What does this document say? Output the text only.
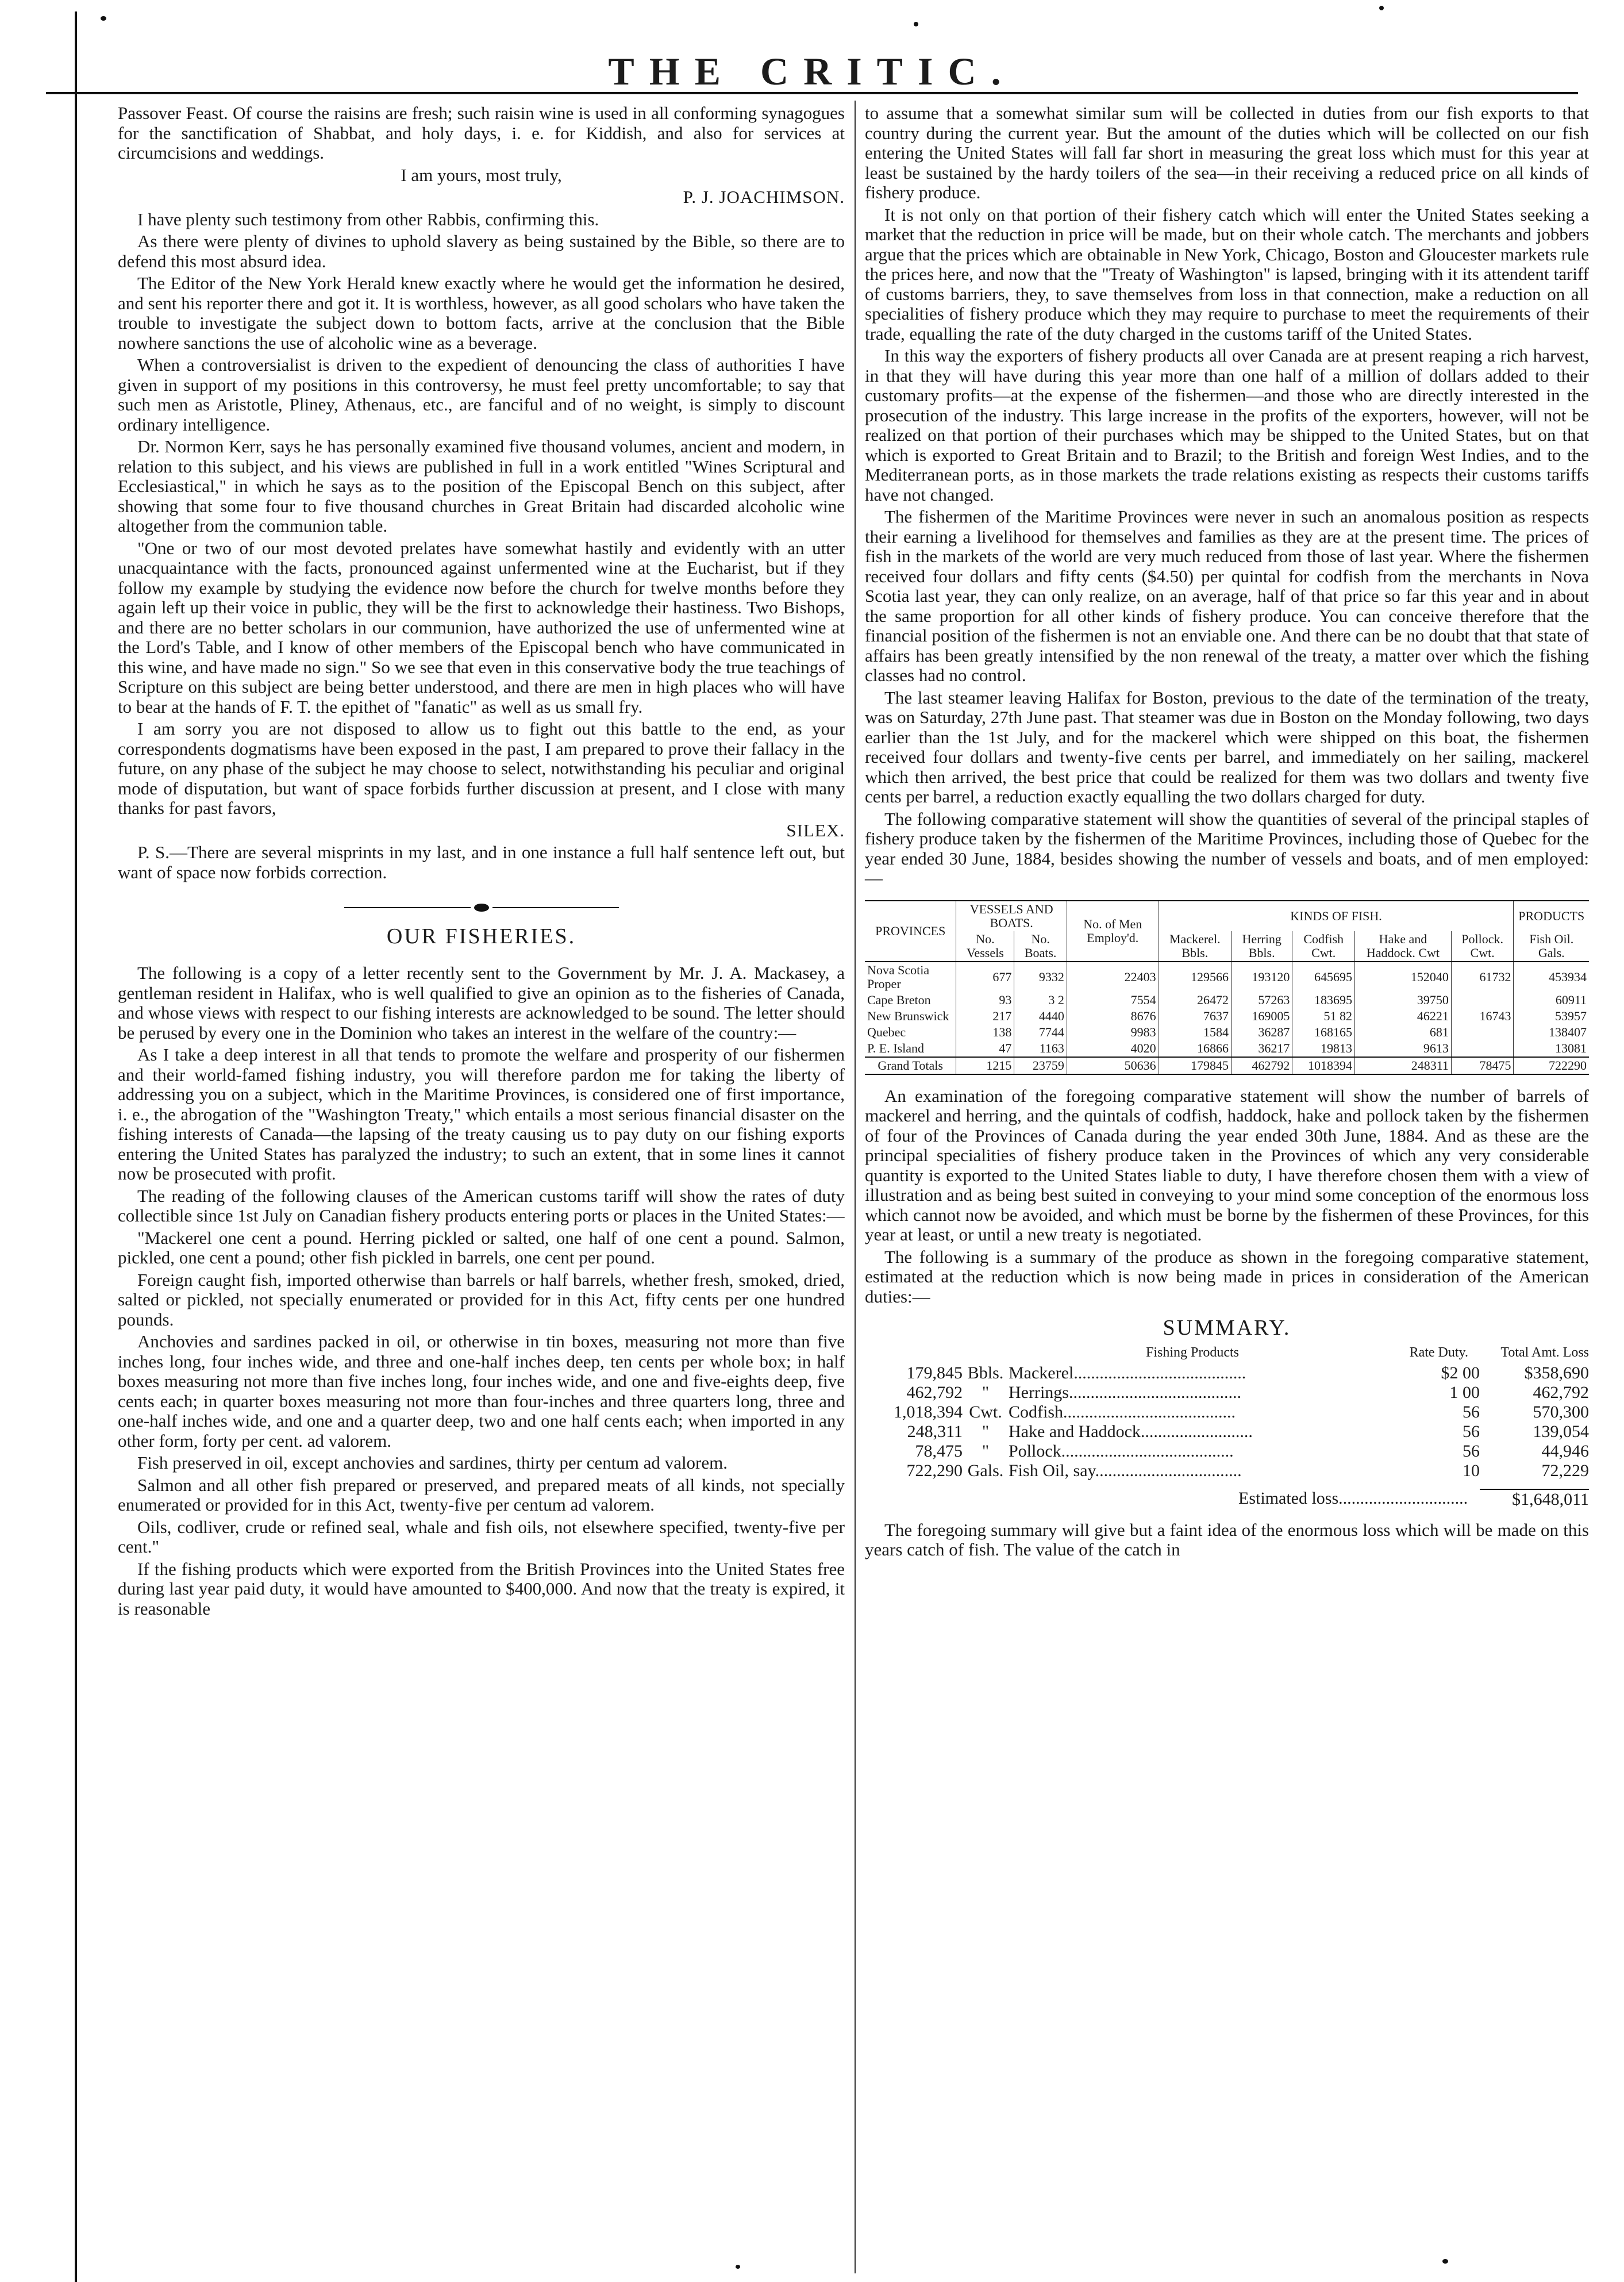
THE CRITIC.

Passover Feast. Of course the raisins are fresh; such raisin wine is used in all conforming synagogues for the sanctification of Shabbat, and holy days, i. e. for Kiddish, and also for services at circumcisions and weddings.

I am yours, most truly,

P. J. JOACHIMSON.

I have plenty such testimony from other Rabbis, confirming this.

As there were plenty of divines to uphold slavery as being sustained by the Bible, so there are to defend this most absurd idea.

The Editor of the New York Herald knew exactly where he would get the information he desired, and sent his reporter there and got it. It is worthless, however, as all good scholars who have taken the trouble to investigate the subject down to bottom facts, arrive at the conclusion that the Bible nowhere sanctions the use of alcoholic wine as a beverage.

When a controversialist is driven to the expedient of denouncing the class of authorities I have given in support of my positions in this controversy, he must feel pretty uncomfortable; to say that such men as Aristotle, Pliney, Athenaus, etc., are fanciful and of no weight, is simply to discount ordinary intelligence.

Dr. Normon Kerr, says he has personally examined five thousand volumes, ancient and modern, in relation to this subject, and his views are published in full in a work entitled "Wines Scriptural and Ecclesiastical," in which he says as to the position of the Episcopal Bench on this subject, after showing that some four to five thousand churches in Great Britain had discarded alcoholic wine altogether from the communion table.

"One or two of our most devoted prelates have somewhat hastily and evidently with an utter unacquaintance with the facts, pronounced against unfermented wine at the Eucharist, but if they follow my example by studying the evidence now before the church for twelve months before they again left up their voice in public, they will be the first to acknowledge their hastiness. Two Bishops, and there are no better scholars in our communion, have authorized the use of unfermented wine at the Lord's Table, and I know of other members of the Episcopal bench who have communicated in this wine, and have made no sign." So we see that even in this conservative body the true teachings of Scripture on this subject are being better understood, and there are men in high places who will have to bear at the hands of F. T. the epithet of "fanatic" as well as us small fry.

I am sorry you are not disposed to allow us to fight out this battle to the end, as your correspondents dogmatisms have been exposed in the past, I am prepared to prove their fallacy in the future, on any phase of the subject he may choose to select, notwithstanding his peculiar and original mode of disputation, but want of space forbids further discussion at present, and I close with many thanks for past favors,

SILEX.

P. S.—There are several misprints in my last, and in one instance a full half sentence left out, but want of space now forbids correction.

OUR FISHERIES.

The following is a copy of a letter recently sent to the Government by Mr. J. A. Mackasey, a gentleman resident in Halifax, who is well qualified to give an opinion as to the fisheries of Canada, and whose views with respect to our fishing interests are acknowledged to be sound. The letter should be perused by every one in the Dominion who takes an interest in the welfare of the country:—

As I take a deep interest in all that tends to promote the welfare and prosperity of our fishermen and their world-famed fishing industry, you will therefore pardon me for taking the liberty of addressing you on a subject, which in the Maritime Provinces, is considered one of first importance, i. e., the abrogation of the "Washington Treaty," which entails a most serious financial disaster on the fishing interests of Canada—the lapsing of the treaty causing us to pay duty on our fishing exports entering the United States has paralyzed the industry; to such an extent, that in some lines it cannot now be prosecuted with profit.

The reading of the following clauses of the American customs tariff will show the rates of duty collectible since 1st July on Canadian fishery products entering ports or places in the United States:—

"Mackerel one cent a pound. Herring pickled or salted, one half of one cent a pound. Salmon, pickled, one cent a pound; other fish pickled in barrels, one cent per pound.

Foreign caught fish, imported otherwise than barrels or half barrels, whether fresh, smoked, dried, salted or pickled, not specially enumerated or provided for in this Act, fifty cents per one hundred pounds.

Anchovies and sardines packed in oil, or otherwise in tin boxes, measuring not more than five inches long, four inches wide, and three and one-half inches deep, ten cents per whole box; in half boxes measuring not more than five inches long, four inches wide, and one and five-eights deep, five cents each; in quarter boxes measuring not more than four-inches and three quarters long, three and one-half inches wide, and one and a quarter deep, two and one half cents each; when imported in any other form, forty per cent. ad valorem.

Fish preserved in oil, except anchovies and sardines, thirty per centum ad valorem.

Salmon and all other fish prepared or preserved, and prepared meats of all kinds, not specially enumerated or provided for in this Act, twenty-five per centum ad valorem.

Oils, codliver, crude or refined seal, whale and fish oils, not elsewhere specified, twenty-five per cent."

If the fishing products which were exported from the British Provinces into the United States free during last year paid duty, it would have amounted to $400,000. And now that the treaty is expired, it is reasonable

to assume that a somewhat similar sum will be collected in duties from our fish exports to that country during the current year. But the amount of the duties which will be collected on our fish entering the United States will fall far short in measuring the great loss which must for this year at least be sustained by the hardy toilers of the sea—in their receiving a reduced price on all kinds of fishery produce.

It is not only on that portion of their fishery catch which will enter the United States seeking a market that the reduction in price will be made, but on their whole catch. The merchants and jobbers argue that the prices which are obtainable in New York, Chicago, Boston and Gloucester markets rule the prices here, and now that the "Treaty of Washington" is lapsed, bringing with it its attendent tariff of customs barriers, they, to save themselves from loss in that connection, make a reduction on all specialities of fishery produce which they may require to purchase to meet the requirements of their trade, equalling the rate of the duty charged in the customs tariff of the United States.

In this way the exporters of fishery products all over Canada are at present reaping a rich harvest, in that they will have during this year more than one half of a million of dollars added to their customary profits—at the expense of the fishermen—and those who are directly interested in the prosecution of the industry. This large increase in the profits of the exporters, however, will not be realized on that portion of their purchases which may be shipped to the United States, but on that which is exported to Great Britain and to Brazil; to the British and foreign West Indies, and to the Mediterranean ports, as in those markets the trade relations existing as respects their customs tariffs have not changed.

The fishermen of the Maritime Provinces were never in such an anomalous position as respects their earning a livelihood for themselves and families as they are at the present time. The prices of fish in the markets of the world are very much reduced from those of last year. Where the fishermen received four dollars and fifty cents ($4.50) per quintal for codfish from the merchants in Nova Scotia last year, they can only realize, on an average, half of that price so far this year and in about the same proportion for all other kinds of fishery produce. You can conceive therefore that the financial position of the fishermen is not an enviable one. And there can be no doubt that that state of affairs has been greatly intensified by the non renewal of the treaty, a matter over which the fishing classes had no control.

The last steamer leaving Halifax for Boston, previous to the date of the termination of the treaty, was on Saturday, 27th June past. That steamer was due in Boston on the Monday following, two days earlier than the 1st July, and for the mackerel which were shipped on this boat, the fishermen received four dollars and twenty-five cents per barrel, and immediately on her sailing, mackerel which then arrived, the best price that could be realized for them was two dollars and twenty five cents per barrel, a reduction exactly equalling the two dollars charged for duty.

The following comparative statement will show the quantities of several of the principal staples of fishery produce taken by the fishermen of the Maritime Provinces, including those of Quebec for the year ended 30 June, 1884, besides showing the number of vessels and boats, and of men employed:—

PROVINCES	VESSELS AND BOATS.		No. of Men Employ'd.	KINDS OF FISH.					PRODUCTS
	No. Vessels	No. Boats.		Mackerel. Bbls.	Herring Bbls.	Codfish Cwt.	Hake and Haddock. Cwt	Pollock. Cwt.	Fish Oil. Gals.
Nova Scotia Proper	677	9332	22403	129566	193120	645695	152040	61732	453934
Cape Breton	93	3 2	7554	26472	57263	183695	39750		60911
New Brunswick	217	4440	8676	7637	169005	51 82	46221	16743	53957
Quebec	138	7744	9983	1584	36287	168165	681		138407
P. E. Island	47	1163	4020	16866	36217	19813	9613		13081
Grand Totals	1215	23759	50636	179845	462792	1018394	248311	78475	722290

An examination of the foregoing comparative statement will show the number of barrels of mackerel and herring, and the quintals of codfish, haddock, hake and pollock taken by the fishermen of four of the Provinces of Canada during the year ended 30th June, 1884. And as these are the principal specialities of fishery produce taken in the Provinces of which any very considerable quantity is exported to the United States liable to duty, I have therefore chosen them with a view of illustration and as being best suited in conveying to your mind some conception of the enormous loss which cannot now be avoided, and which must be borne by the fishermen of these Provinces, for this year at least, or until a new treaty is negotiated.

The following is a summary of the produce as shown in the foregoing comparative statement, estimated at the reduction which is now being made in prices in consideration of the American duties:—

SUMMARY.
Fishing Products	Rate Duty.	Total Amt. Loss
179,845 Bbls. Mackerel........................................	$2 00	$358,690
462,792	"	Herrings........................................	1 00	462,792
1,018,394 Cwt. Codfish........................................	56	570,300
248,311	"	Hake and Haddock..........................	56	139,054
78,475	"	Pollock........................................	56	44,946
722,290 Gals. Fish Oil, say..................................	10	72,229
Estimated loss..............................	$1,648,011

The foregoing summary will give but a faint idea of the enormous loss which will be made on this years catch of fish. The value of the catch in
